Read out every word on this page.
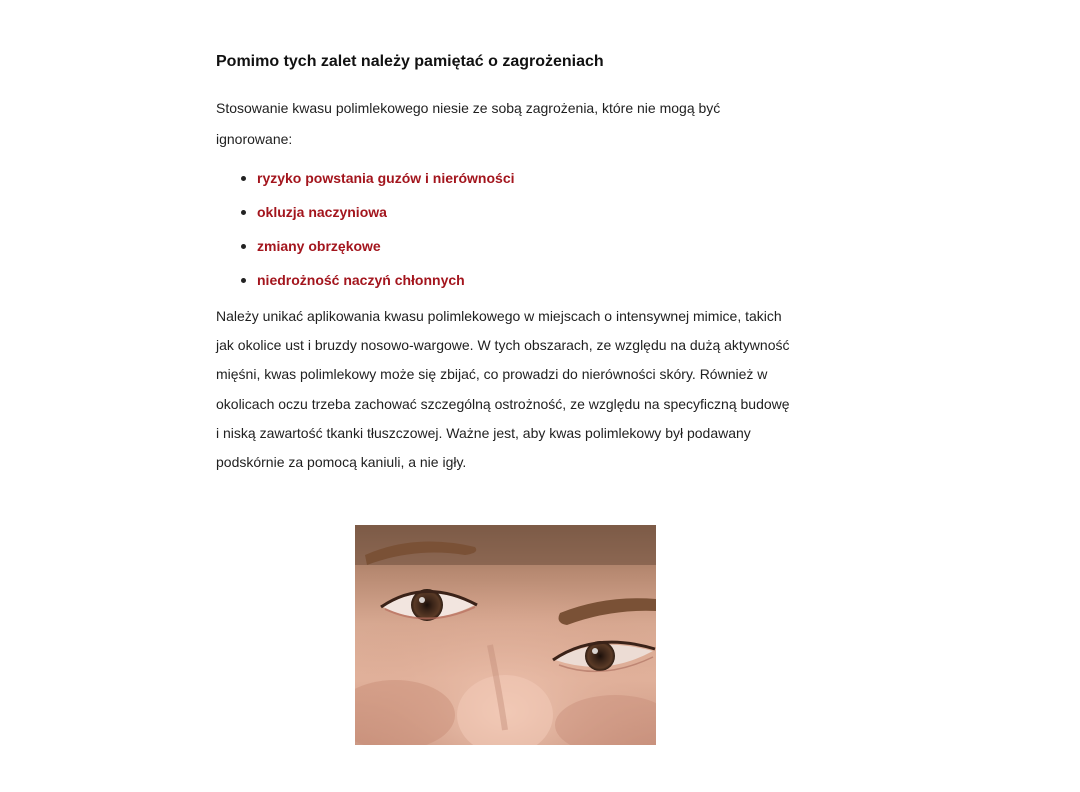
Pomimo tych zalet należy pamiętać o zagrożeniach

Stosowanie kwasu polimlekowego niesie ze sobą zagrożenia, które nie mogą być ignorowane:

ryzyko powstania guzów i nierówności
okluzja naczyniowa
zmiany obrzękowe
niedrożność naczyń chłonnych

Należy unikać aplikowania kwasu polimlekowego w miejscach o intensywnej mimice, takich jak okolice ust i bruzdy nosowo-wargowe. W tych obszarach, ze względu na dużą aktywność mięśni, kwas polimlekowy może się zbijać, co prowadzi do nierówności skóry. Również w okolicach oczu trzeba zachować szczególną ostrożność, ze względu na specyficzną budowę i niską zawartość tkanki tłuszczowej. Ważne jest, aby kwas polimlekowy był podawany podskórnie za pomocą kaniuli, a nie igły.
